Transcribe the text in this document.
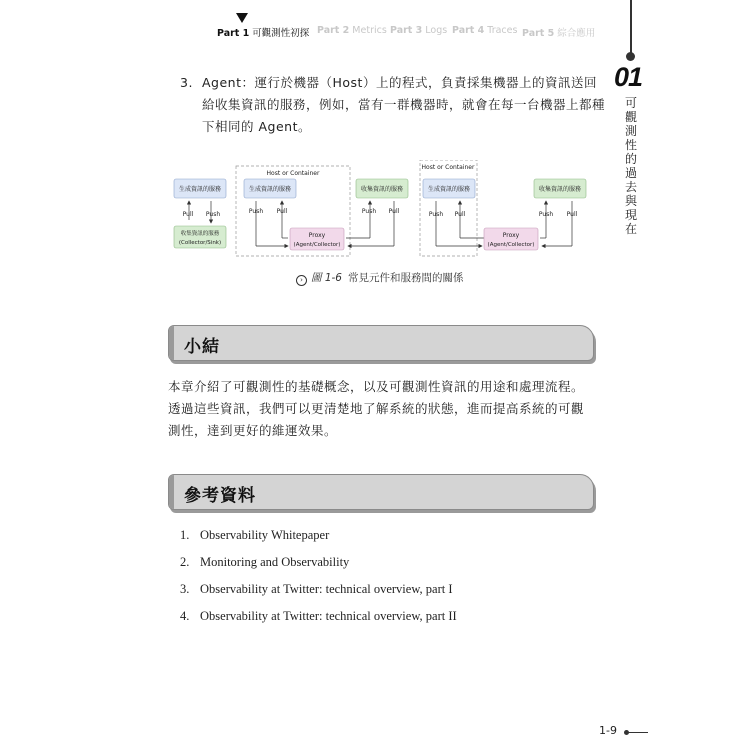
Part 1 可觀測性初探 Part 2 Metrics Part 3 Logs Part 4 Traces Part 5 綜合應用
01
可觀測性的過去與現在
3. Agent：運行於機器（Host）上的程式，負責採集機器上的資訊送回給收集資訊的服務，例如，當有一群機器時，就會在每一台機器上都種下相同的 Agent。
生成資訊的服務
Pull Push
收集資訊的服務
(Collector/Sink)
Host or Container
生成資訊的服務
Push Pull
Proxy
(Agent/Collector)
收集資訊的服務
Push Pull
Host or Container
生成資訊的服務
Push Pull
Proxy
(Agent/Collector)
收集資訊的服務
Push Pull
› 圖 1-6 常見元件和服務間的關係
小結
本章介紹了可觀測性的基礎概念，以及可觀測性資訊的用途和處理流程。透過這些資訊，我們可以更清楚地了解系統的狀態，進而提高系統的可觀測性，達到更好的維運效果。
參考資料
1. Observability Whitepaper
2. Monitoring and Observability
3. Observability at Twitter: technical overview, part I
4. Observability at Twitter: technical overview, part II
1-9
